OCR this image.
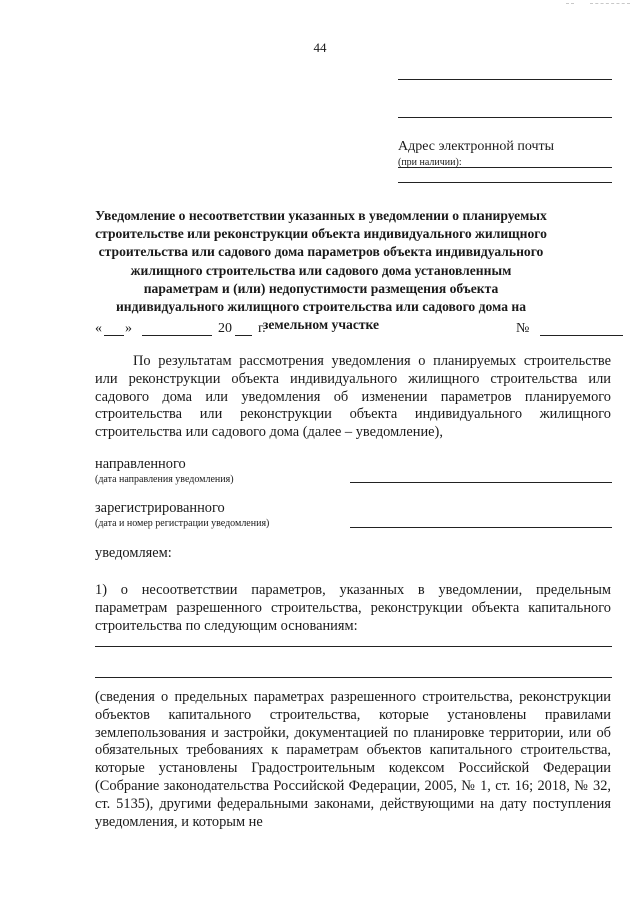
44
Адрес электронной почты
(при наличии):
Уведомление о несоответствии указанных в уведомлении о планируемых строительстве или реконструкции объекта индивидуального жилищного строительства или садового дома параметров объекта индивидуального жилищного строительства или садового дома установленным параметрам и (или) недопустимости размещения объекта индивидуального жилищного строительства или садового дома на земельном участке
« »	20 г.	№
По результатам рассмотрения уведомления о планируемых строительстве или реконструкции объекта индивидуального жилищного строительства или садового дома или уведомления об изменении параметров планируемого строительства или реконструкции объекта индивидуального жилищного строительства или садового дома (далее – уведомление),
направленного
(дата направления уведомления)
зарегистрированного
(дата и номер регистрации уведомления)
уведомляем:
1) о несоответствии параметров, указанных в уведомлении, предельным параметрам разрешенного строительства, реконструкции объекта капитального строительства по следующим основаниям:
(сведения о предельных параметрах разрешенного строительства, реконструкции объектов капитального строительства, которые установлены правилами землепользования и застройки, документацией по планировке территории, или об обязательных требованиях к параметрам объектов капитального строительства, которые установлены Градостроительным кодексом Российской Федерации (Собрание законодательства Российской Федерации, 2005, № 1, ст. 16; 2018, № 32, ст. 5135), другими федеральными законами, действующими на дату поступления уведомления, и которым не
